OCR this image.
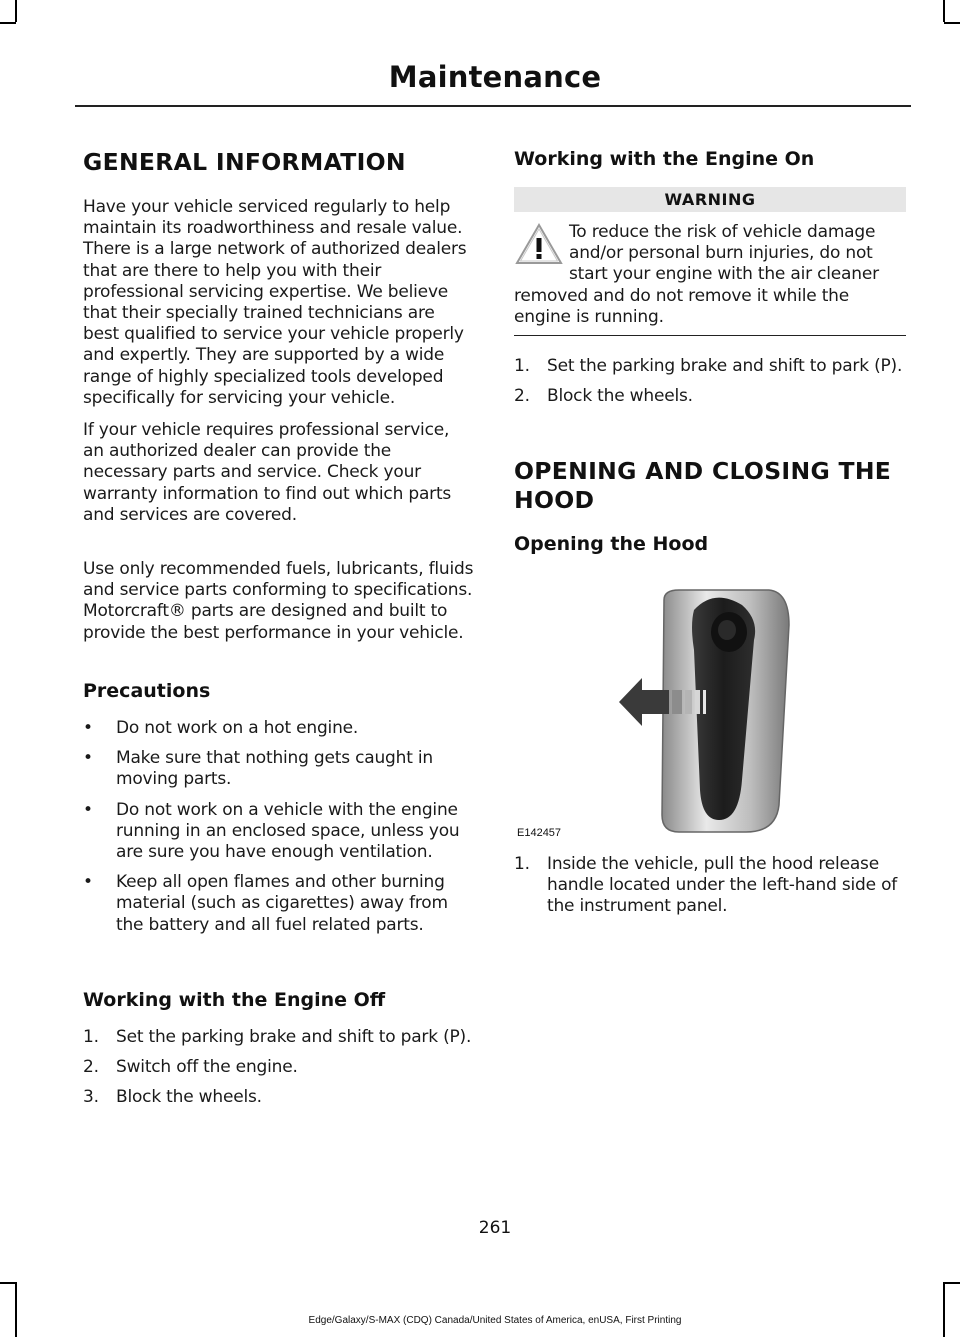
Maintenance
GENERAL INFORMATION

Have your vehicle serviced regularly to help maintain its roadworthiness and resale value. There is a large network of authorized dealers that are there to help you with their professional servicing expertise. We believe that their specially trained technicians are best qualified to service your vehicle properly and expertly. They are supported by a wide range of highly specialized tools developed specifically for servicing your vehicle.

If your vehicle requires professional service, an authorized dealer can provide the necessary parts and service. Check your warranty information to find out which parts and services are covered.

Use only recommended fuels, lubricants, fluids and service parts conforming to specifications. Motorcraft® parts are designed and built to provide the best performance in your vehicle.

Precautions
• Do not work on a hot engine.
• Make sure that nothing gets caught in moving parts.
• Do not work on a vehicle with the engine running in an enclosed space, unless you are sure you have enough ventilation.
• Keep all open flames and other burning material (such as cigarettes) away from the battery and all fuel related parts.
Working with the Engine Off
1. Set the parking brake and shift to park (P).
2. Switch off the engine.
3. Block the wheels.
Working with the Engine On
WARNING

To reduce the risk of vehicle damage and/or personal burn injuries, do not start your engine with the air cleaner removed and do not remove it while the engine is running.

1. Set the parking brake and shift to park (P).
2. Block the wheels.
OPENING AND CLOSING THE
HOOD
Opening the Hood
E142457
1. Inside the vehicle, pull the hood release handle located under the left-hand side of the instrument panel.
261
Edge/Galaxy/S-MAX (CDQ) Canada/United States of America, enUSA, First Printing
